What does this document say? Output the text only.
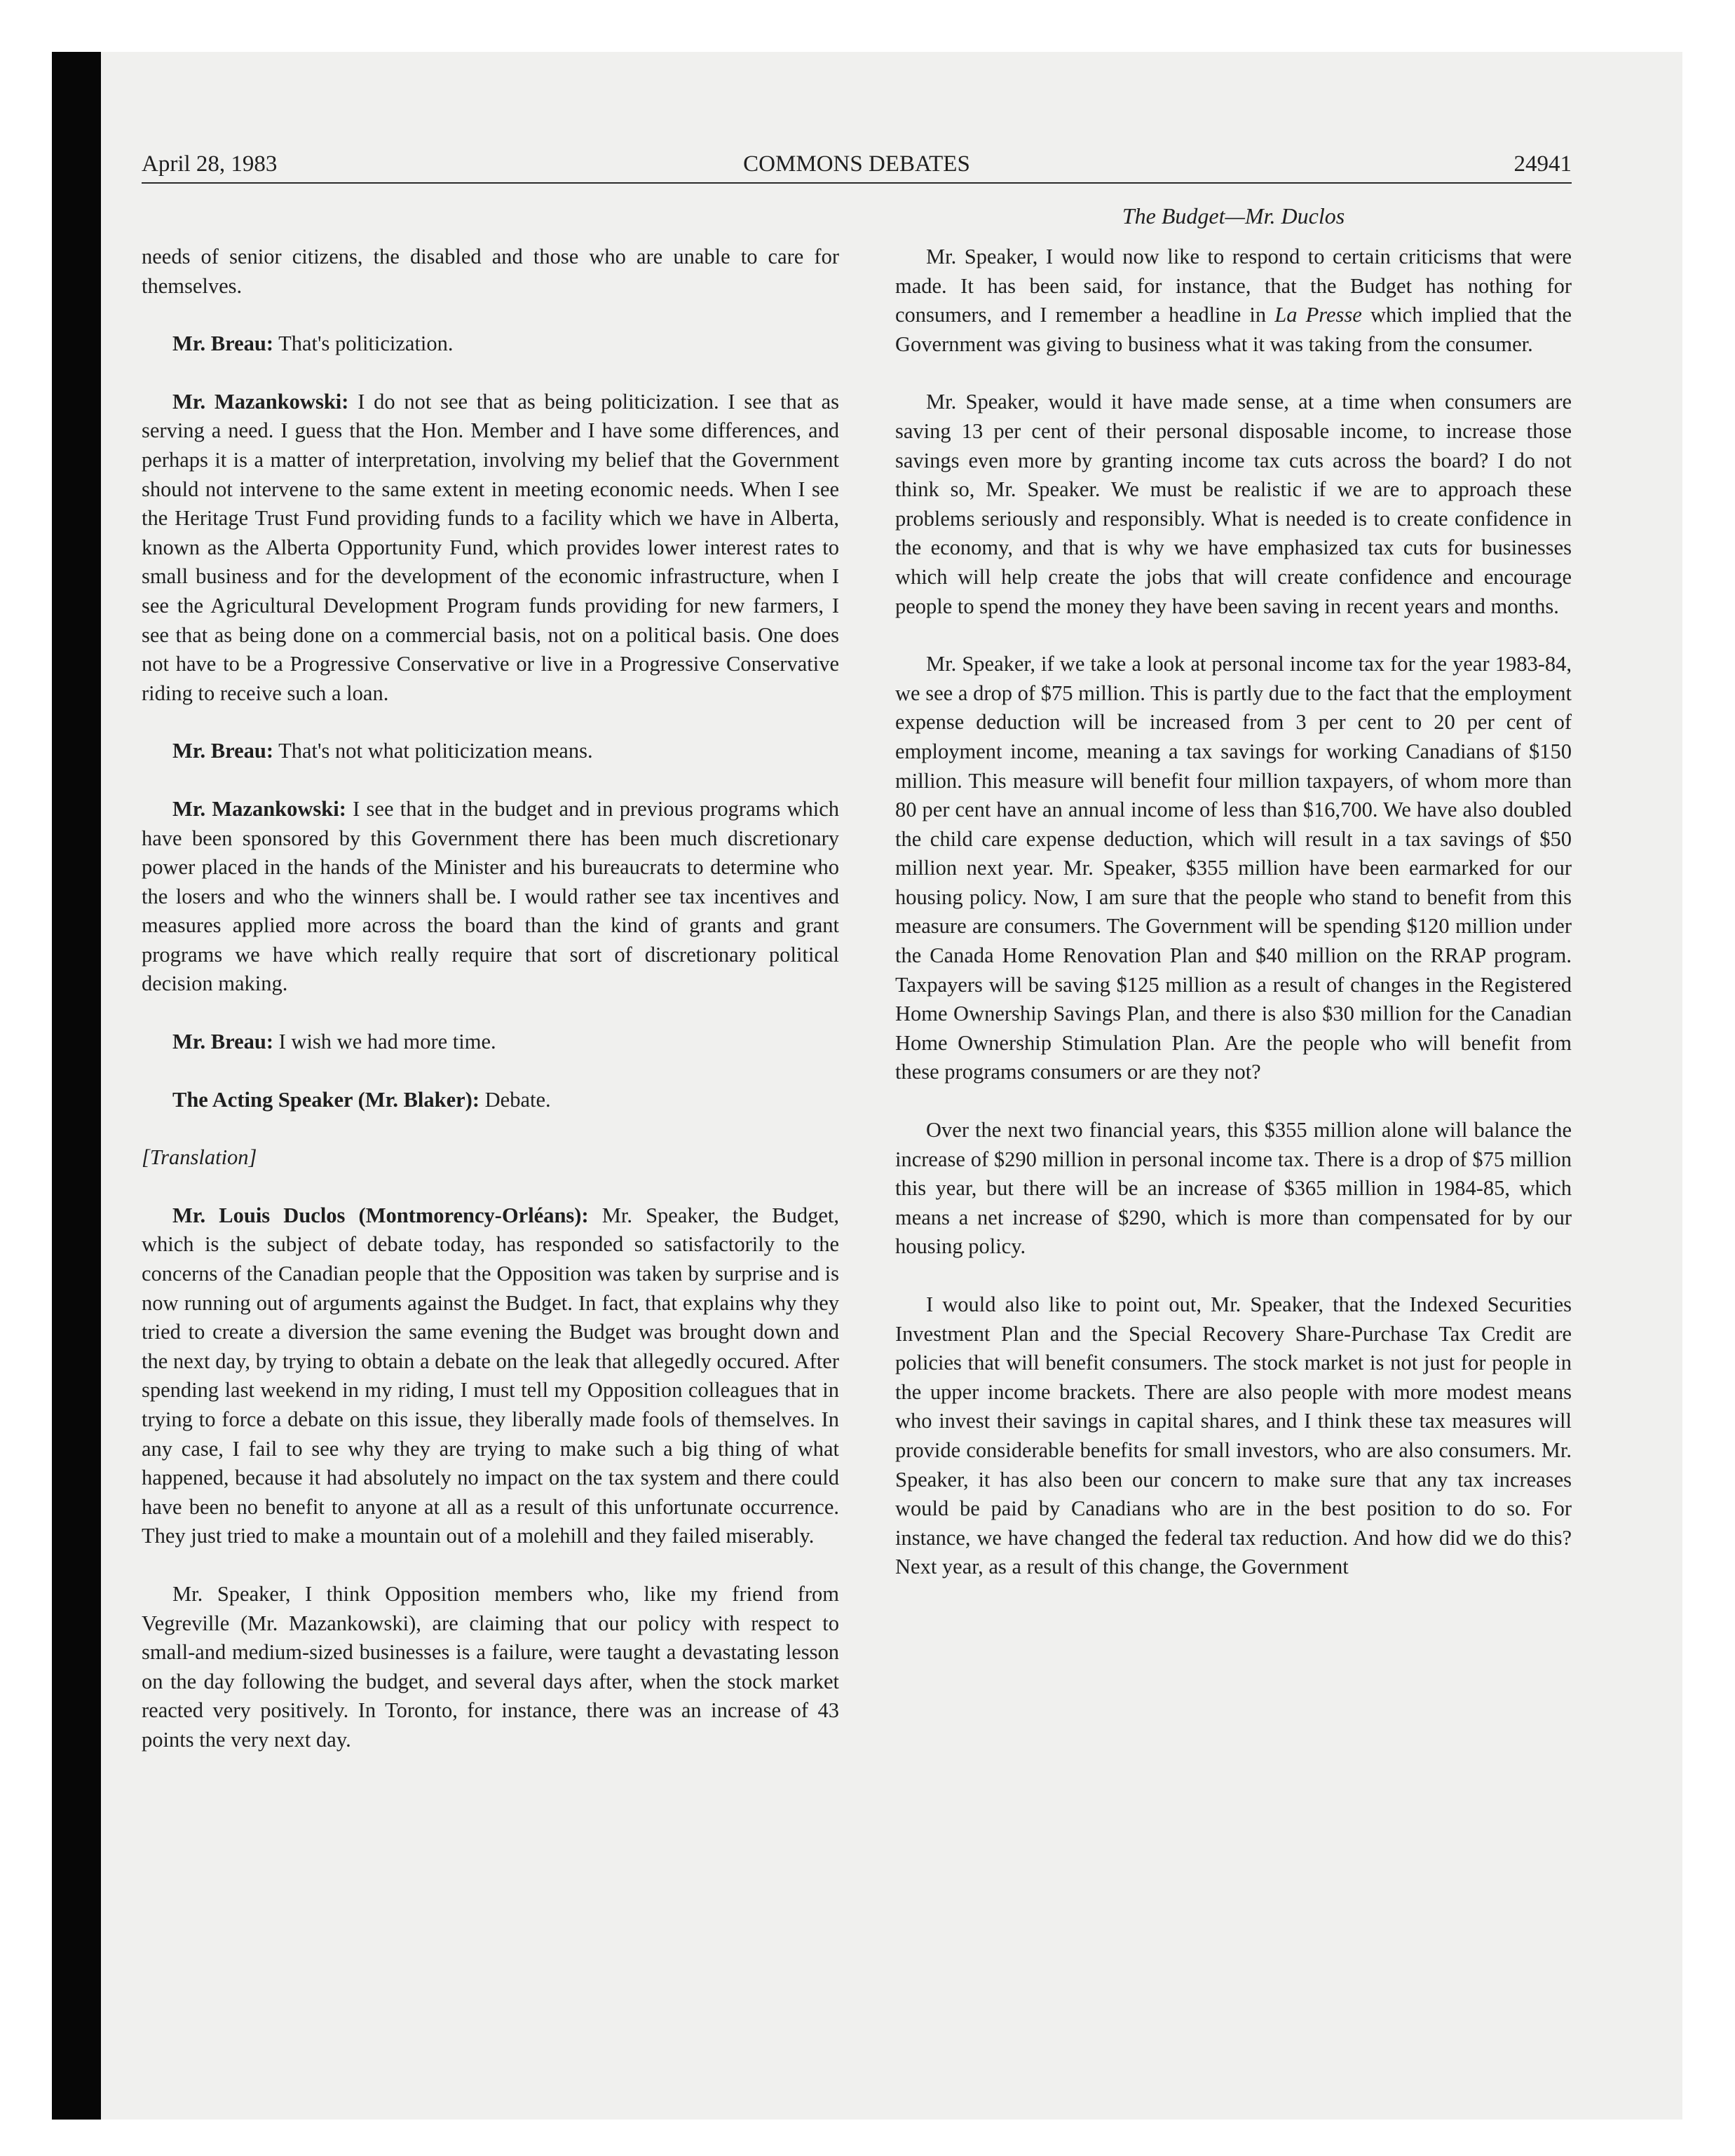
April 28, 1983	COMMONS DEBATES	24941
The Budget—Mr. Duclos

needs of senior citizens, the disabled and those who are unable to care for themselves.

Mr. Breau: That's politicization.

Mr. Mazankowski: I do not see that as being politicization. I see that as serving a need. I guess that the Hon. Member and I have some differences, and perhaps it is a matter of interpretation, involving my belief that the Government should not intervene to the same extent in meeting economic needs. When I see the Heritage Trust Fund providing funds to a facility which we have in Alberta, known as the Alberta Opportunity Fund, which provides lower interest rates to small business and for the development of the economic infrastructure, when I see the Agricultural Development Program funds providing for new farmers, I see that as being done on a commercial basis, not on a political basis. One does not have to be a Progressive Conservative or live in a Progressive Conservative riding to receive such a loan.

Mr. Breau: That's not what politicization means.

Mr. Mazankowski: I see that in the budget and in previous programs which have been sponsored by this Government there has been much discretionary power placed in the hands of the Minister and his bureaucrats to determine who the losers and who the winners shall be. I would rather see tax incentives and measures applied more across the board than the kind of grants and grant programs we have which really require that sort of discretionary political decision making.

Mr. Breau: I wish we had more time.

The Acting Speaker (Mr. Blaker): Debate.

[Translation]

Mr. Louis Duclos (Montmorency-Orléans): Mr. Speaker, the Budget, which is the subject of debate today, has responded so satisfactorily to the concerns of the Canadian people that the Opposition was taken by surprise and is now running out of arguments against the Budget. In fact, that explains why they tried to create a diversion the same evening the Budget was brought down and the next day, by trying to obtain a debate on the leak that allegedly occured. After spending last weekend in my riding, I must tell my Opposition colleagues that in trying to force a debate on this issue, they liberally made fools of themselves. In any case, I fail to see why they are trying to make such a big thing of what happened, because it had absolutely no impact on the tax system and there could have been no benefit to anyone at all as a result of this unfortunate occurrence. They just tried to make a mountain out of a molehill and they failed miserably.

Mr. Speaker, I think Opposition members who, like my friend from Vegreville (Mr. Mazankowski), are claiming that our policy with respect to small-and medium-sized businesses is a failure, were taught a devastating lesson on the day following the budget, and several days after, when the stock market reacted very positively. In Toronto, for instance, there was an increase of 43 points the very next day.

Mr. Speaker, I would now like to respond to certain criticisms that were made. It has been said, for instance, that the Budget has nothing for consumers, and I remember a headline in La Presse which implied that the Government was giving to business what it was taking from the consumer.

Mr. Speaker, would it have made sense, at a time when consumers are saving 13 per cent of their personal disposable income, to increase those savings even more by granting income tax cuts across the board? I do not think so, Mr. Speaker. We must be realistic if we are to approach these problems seriously and responsibly. What is needed is to create confidence in the economy, and that is why we have emphasized tax cuts for businesses which will help create the jobs that will create confidence and encourage people to spend the money they have been saving in recent years and months.

Mr. Speaker, if we take a look at personal income tax for the year 1983-84, we see a drop of $75 million. This is partly due to the fact that the employment expense deduction will be increased from 3 per cent to 20 per cent of employment income, meaning a tax savings for working Canadians of $150 million. This measure will benefit four million taxpayers, of whom more than 80 per cent have an annual income of less than $16,700. We have also doubled the child care expense deduction, which will result in a tax savings of $50 million next year. Mr. Speaker, $355 million have been earmarked for our housing policy. Now, I am sure that the people who stand to benefit from this measure are consumers. The Government will be spending $120 million under the Canada Home Renovation Plan and $40 million on the RRAP program. Taxpayers will be saving $125 million as a result of changes in the Registered Home Ownership Savings Plan, and there is also $30 million for the Canadian Home Ownership Stimulation Plan. Are the people who will benefit from these programs consumers or are they not?

Over the next two financial years, this $355 million alone will balance the increase of $290 million in personal income tax. There is a drop of $75 million this year, but there will be an increase of $365 million in 1984-85, which means a net increase of $290, which is more than compensated for by our housing policy.

I would also like to point out, Mr. Speaker, that the Indexed Securities Investment Plan and the Special Recovery Share-Purchase Tax Credit are policies that will benefit consumers. The stock market is not just for people in the upper income brackets. There are also people with more modest means who invest their savings in capital shares, and I think these tax measures will provide considerable benefits for small investors, who are also consumers. Mr. Speaker, it has also been our concern to make sure that any tax increases would be paid by Canadians who are in the best position to do so. For instance, we have changed the federal tax reduction. And how did we do this? Next year, as a result of this change, the Government
